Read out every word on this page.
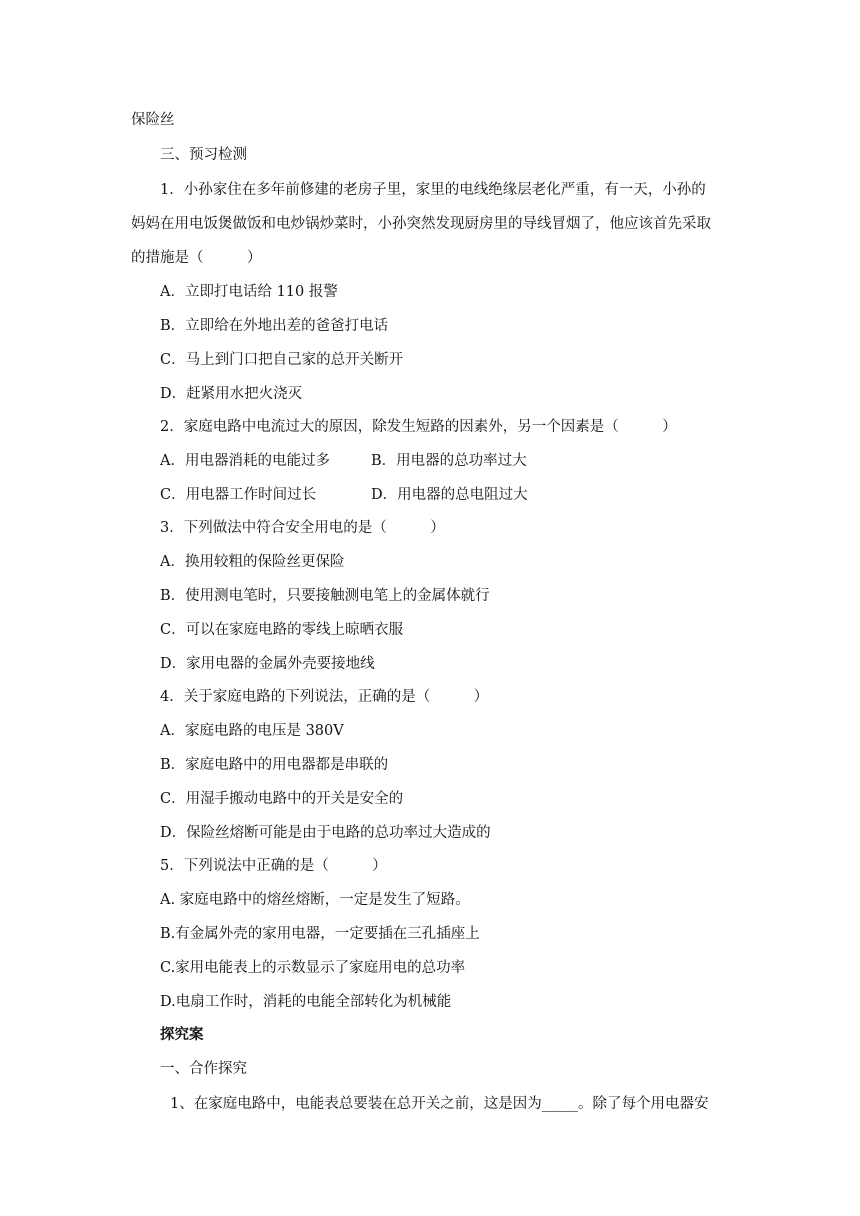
保险丝
三、预习检测
1．小孙家住在多年前修建的老房子里，家里的电线绝缘层老化严重，有一天，小孙的
妈妈在用电饭煲做饭和电炒锅炒菜时，小孙突然发现厨房里的导线冒烟了，他应该首先采取
的措施是（　　　）
A．立即打电话给 110 报警
B．立即给在外地出差的爸爸打电话
C．马上到门口把自己家的总开关断开
D．赶紧用水把火浇灭
2．家庭电路中电流过大的原因，除发生短路的因素外，另一个因素是（　　　）
A．用电器消耗的电能过多	B．用电器的总功率过大
C．用电器工作时间过长	D．用电器的总电阻过大
3．下列做法中符合安全用电的是（　　　）
A．换用较粗的保险丝更保险
B．使用测电笔时，只要接触测电笔上的金属体就行
C．可以在家庭电路的零线上晾晒衣服
D．家用电器的金属外壳要接地线
4．关于家庭电路的下列说法，正确的是（　　　）
A．家庭电路的电压是 380V
B．家庭电路中的用电器都是串联的
C．用湿手搬动电路中的开关是安全的
D．保险丝熔断可能是由于电路的总功率过大造成的
5．下列说法中正确的是（　　　）
A. 家庭电路中的熔丝熔断，一定是发生了短路。
B.有金属外壳的家用电器，一定要插在三孔插座上
C.家用电能表上的示数显示了家庭用电的总功率
D.电扇工作时，消耗的电能全部转化为机械能
探究案
一、合作探究
1、在家庭电路中，电能表总要装在总开关之前，这是因为_____。除了每个用电器安
